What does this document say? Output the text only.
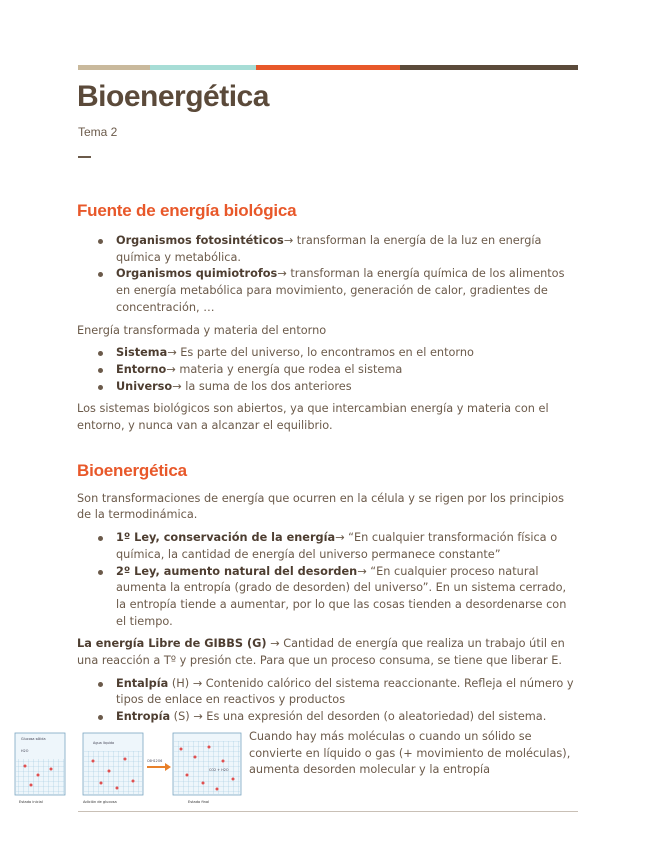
Bioenergética
Tema 2
Fuente de energía biológica
Organismos fotosintéticos→ transforman la energía de la luz en energía química y metabólica.
Organismos quimiotrofos→ transforman la energía química de los alimentos en energía metabólica para movimiento, generación de calor, gradientes de concentración, …

Energía transformada y materia del entorno

Sistema→ Es parte del universo, lo encontramos en el entorno
Entorno→ materia y energía que rodea el sistema
Universo→ la suma de los dos anteriores

Los sistemas biológicos son abiertos, ya que intercambian energía y materia con el entorno, y nunca van a alcanzar el equilibrio.

Bioenergética

Son transformaciones de energía que ocurren en la célula y se rigen por los principios de la termodinámica.

1º Ley, conservación de la energía→ “En cualquier transformación física o química, la cantidad de energía del universo permanece constante”
2º Ley, aumento natural del desorden→ “En cualquier proceso natural aumenta la entropía (grado de desorden) del universo”. En un sistema cerrado, la entropía tiende a aumentar, por lo que las cosas tienden a desordenarse con el tiempo.

La energía Libre de GIBBS (G) → Cantidad de energía que realiza un trabajo útil en una reacción a Tº y presión cte. Para que un proceso consuma, se tiene que liberar E.

Entalpía (H) → Contenido calórico del sistema reaccionante. Refleja el número y tipos de enlace en reactivos y productos
Entropía (S) → Es una expresión del desorden (o aleatoriedad) del sistema.
Glucosa sólida
H2O
Estado inicial
Agua líquida
Adición de glucosa
C6H12O6
CO2 + H2O
Estado final
Cuando hay más moléculas o cuando un sólido se convierte en líquido o gas (+ movimiento de moléculas), aumenta desorden molecular y la entropía
